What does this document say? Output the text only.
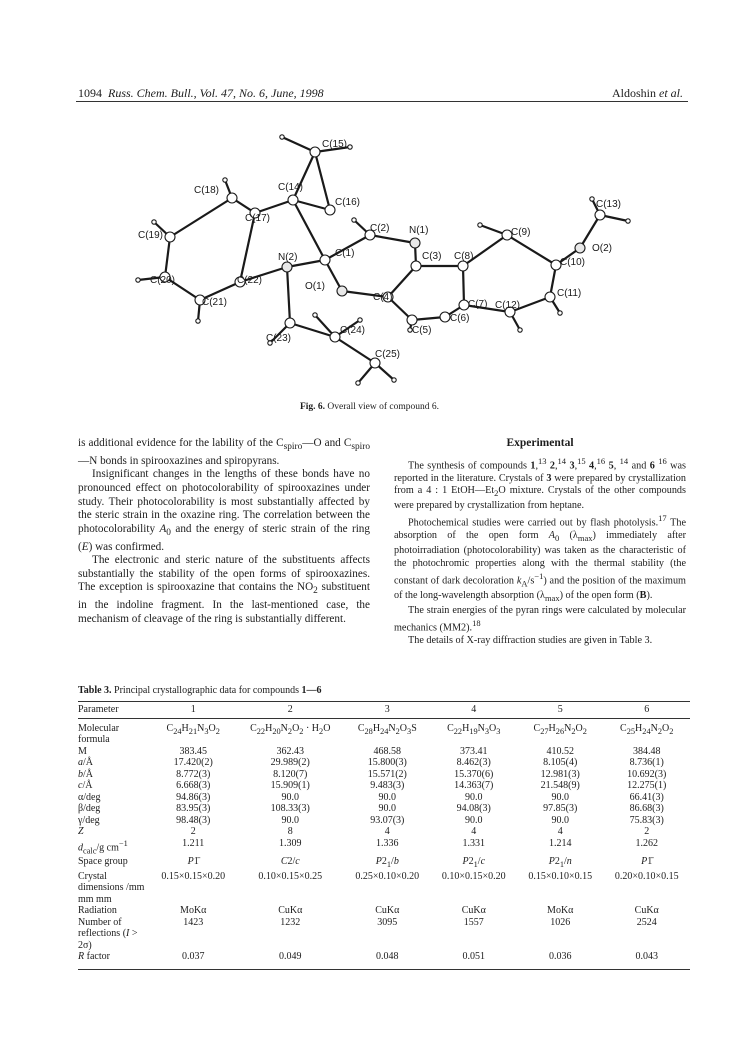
1094 Russ. Chem. Bull., Vol. 47, No. 6, June, 1998	Aldoshin et al.
C(15)
C(18)	C(14)
C(16)
C(17)
C(19)
C(2) N(1)
C(13)
C(9)
C(3) C(8)
N(2)	C(1)	O(2)
C(10)
C(20)	C(22)
O(1)
C(11)
C(21)	C(4)
C(7) C(12)
C(6)
C(5)
C(24)
C(23)
C(25)
Fig. 6. Overall view of compound 6.

is additional evidence for the lability of the $C_{spiro}—O$ and $C_{spiro}—N$ bonds in spirooxazines and spiropyrans.

Insignificant changes in the lengths of these bonds have no pronounced effect on photocolorability of spirooxazines under study. Their photocolorability is most substantially affected by the steric strain in the oxazine ring. The correlation between the photocolorability $A_0$ and the energy of steric strain of the ring (E) was confirmed.

The electronic and steric nature of the substituents affects substantially the stability of the open forms of spirooxazines. The exception is spirooxazine that contains the $NO_2$ substituent in the indoline fragment. In the last-mentioned case, the mechanism of cleavage of the ring is substantially different.

Experimental

The synthesis of compounds 1,13 2,14 3,15 4,16 5, $^{14}$ and 6 $^{16}$ was reported in the literature. Crystals of 3 were prepared by crystallization from a 4 : 1 $EtOH—Et_2O$ mixture. Crystals of the other compounds were prepared by crystallization from heptane.

Photochemical studies were carried out by flash photolysis.$^{17}$ The absorption of the open form $A_0$ $(\lambda_{max})$ immediately after photoirradiation (photocolorability) was taken as the characteristic of the photochromic properties along with the thermal stability (the constant of dark decoloration $k_A/s^{-1}$) and the position of the maximum of the long-wavelength absorption $(\lambda_{max})$ of the open form (B).

The strain energies of the pyran rings were calculated by molecular mechanics (MM2).$^{18}$

The details of X-ray diffraction studies are given in Table 3.

Table 3. Principal crystallographic data for compounds 1—6
Parameter	1	2	3	4	5	6
Molecular formula	$C_{24}H_{21}N_3O_2$	$C_{22}H_{20}N_2O_2 \cdot H_2O$	$C_{28}H_{24}N_2O_3S$	$C_{22}H_{19}N_3O_3$	$C_{27}H_{26}N_2O_2$	$C_{25}H_{24}N_2O_2$
M	383.45	362.43	468.58	373.41	410.52	384.48
a/Å	17.420(2)	29.989(2)	15.800(3)	8.462(3)	8.105(4)	8.736(1)
b/Å	8.772(3)	8.120(7)	15.571(2)	15.370(6)	12.981(3)	10.692(3)
c/Å	6.668(3)	15.909(1)	9.483(3)	14.363(7)	21.548(9)	12.275(1)
α/deg	94.86(3)	90.0	90.0	90.0	90.0	66.41(3)
β/deg	83.95(3)	108.33(3)	90.0	94.08(3)	97.85(3)	86.68(3)
γ/deg	98.48(3)	90.0	93.07(3)	90.0	90.0	75.83(3)
Z	2	8	4	4	4	2
$d_{calc}/g$ $cm^{-1}$	1.211	1.309	1.336	1.331	1.214	1.262
Space group	P1̄	C2/c	$P2_1/b$	$P2_1/c$	$P2_1/n$	P1̄
Crystal dimensions /mm mm mm	0.15×0.15×0.20	0.10×0.15×0.25	0.25×0.10×0.20	0.10×0.15×0.20	0.15×0.10×0.15	0.20×0.10×0.15
Radiation	MoKα	CuKα	CuKα	CuKα	MoKα	CuKα
Number of reflections (I > 2σ)	1423	1232	3095	1557	1026	2524
R factor	0.037	0.049	0.048	0.051	0.036	0.043
